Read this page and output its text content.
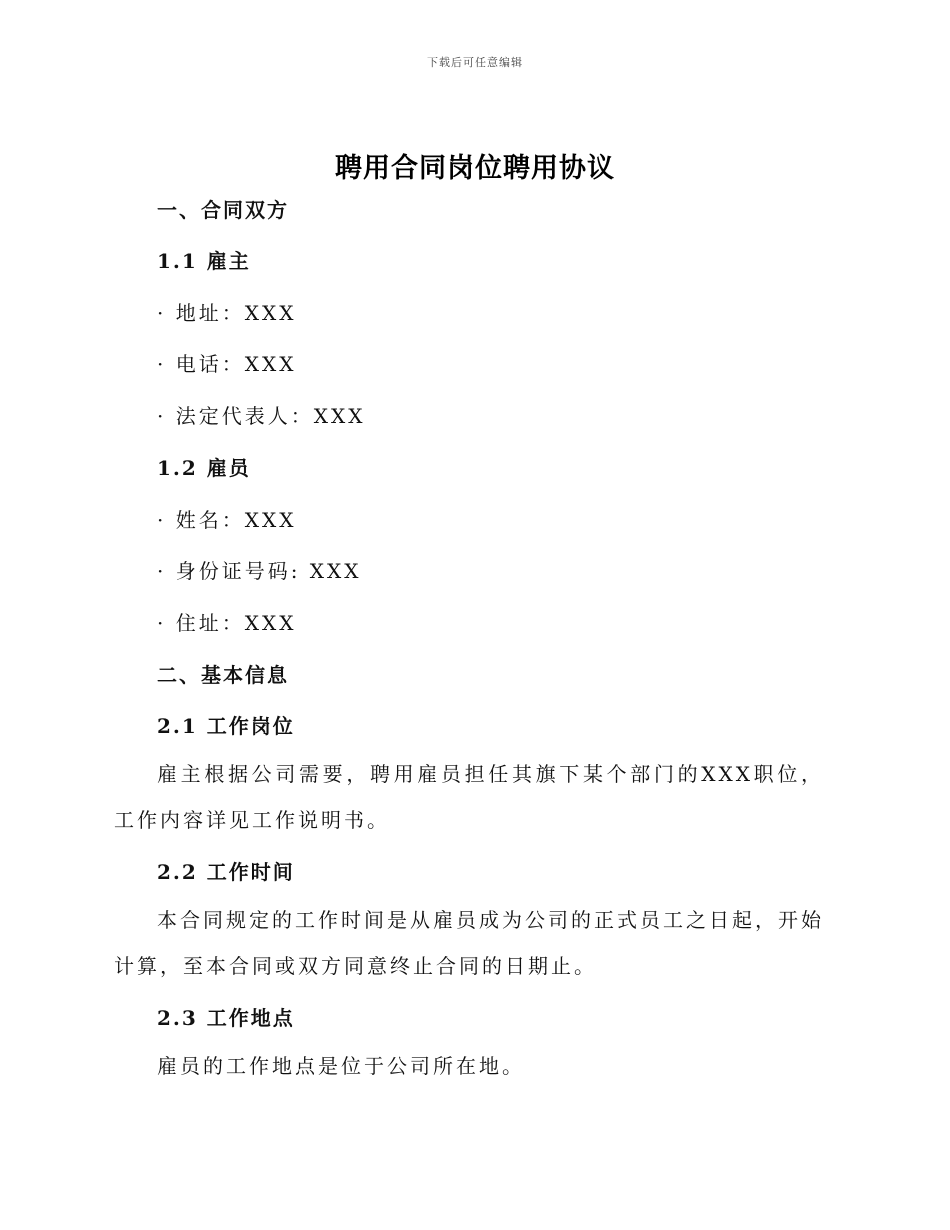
下载后可任意编辑
聘用合同岗位聘用协议
一、合同双方
1.1 雇主
· 地址：XXX
· 电话：XXX
· 法定代表人：XXX
1.2 雇员
· 姓名：XXX
· 身份证号码: XXX
· 住址：XXX
二、基本信息
2.1 工作岗位
雇主根据公司需要，聘用雇员担任其旗下某个部门的XXX职位，工作内容详见工作说明书。
2.2 工作时间
本合同规定的工作时间是从雇员成为公司的正式员工之日起，开始计算，至本合同或双方同意终止合同的日期止。
2.3 工作地点
雇员的工作地点是位于公司所在地。
